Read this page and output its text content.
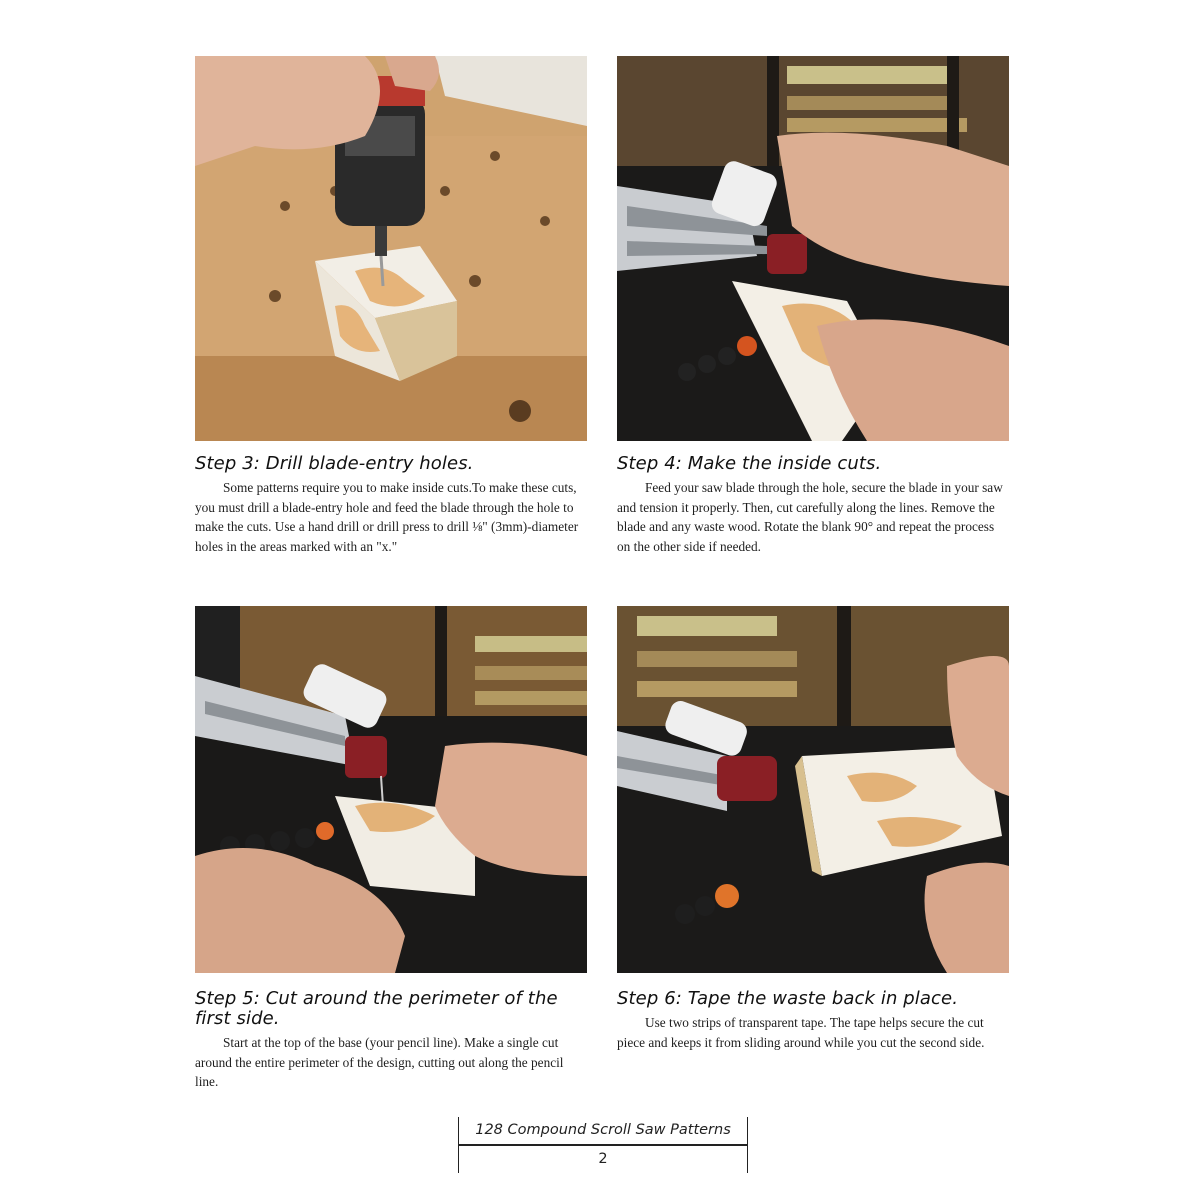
Step 3: Drill blade-entry holes.

Some patterns require you to make inside cuts.To make these cuts, you must drill a blade-entry hole and feed the blade through the hole to make the cuts. Use a hand drill or drill press to drill ⅛" (3mm)-diameter holes in the areas marked with an "x."

Step 4: Make the inside cuts.

Feed your saw blade through the hole, secure the blade in your saw and tension it properly. Then, cut carefully along the lines. Remove the blade and any waste wood. Rotate the blank 90° and repeat the process on the other side if needed.

Step 5: Cut around the perimeter of the first side.

Start at the top of the base (your pencil line). Make a single cut around the entire perimeter of the design, cutting out along the pencil line.

Step 6: Tape the waste back in place.

Use two strips of transparent tape. The tape helps secure the cut piece and keeps it from sliding around while you cut the second side.

128 Compound Scroll Saw Patterns
2
